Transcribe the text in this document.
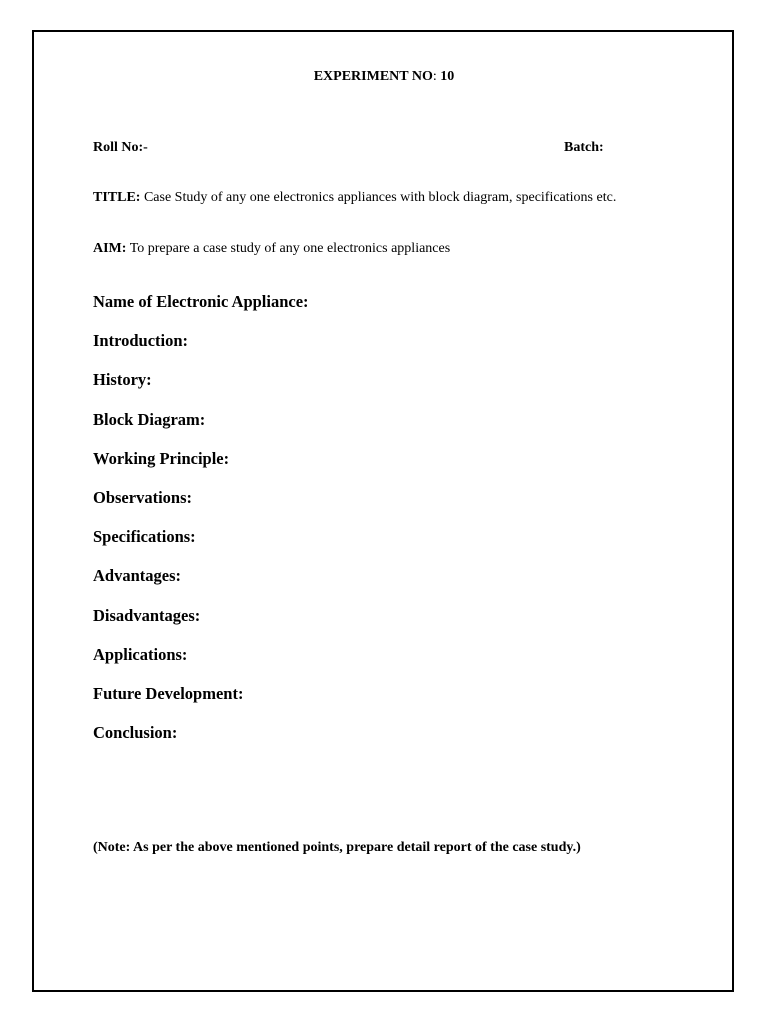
EXPERIMENT NO: 10
Roll No:-	Batch:
TITLE: Case Study of any one electronics appliances with block diagram, specifications etc.
AIM: To prepare a case study of any one electronics appliances
Name of Electronic Appliance:
Introduction:
History:
Block Diagram:
Working Principle:
Observations:
Specifications:
Advantages:
Disadvantages:
Applications:
Future Development:
Conclusion:
(Note: As per the above mentioned points, prepare detail report of the case study.)
